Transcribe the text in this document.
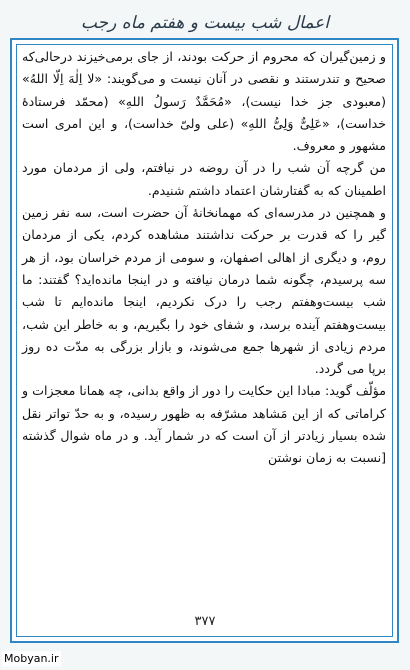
اعمال شب بیست و هفتم ماه رجب

و زمین‌گیران که محروم از حرکت بودند، از جای برمی‌خیزند درحالی‌که صحیح و تندرستند و نقصی در آنان نیست و می‌گویند: «لا اِلٰهَ اِلّا اللهُ» (معبودی جز خدا نیست)، «مُحَمَّدٌ رَسولُ اللهِ» (محمّد فرستادهٔ خداست)، «عَلِیٌّ وَلِیُّ اللهِ» (علی ولیّ خداست)، و این امری است مشهور و معروف.

من گرچه آن شب را در آن روضه در نیافتم، ولی از مردمان مورد اطمینان که به گفتارشان اعتماد داشتم شنیدم.

و همچنین در مدرسه‌ای که مهمانخانهٔ آن حضرت است، سه نفر زمین گیر را که قدرت بر حرکت نداشتند مشاهده کردم، یکی از مردمان روم، و دیگری از اهالی اصفهان، و سومی از مردم خراسان بود، از هر سه پرسیدم، چگونه شما درمان نیافته و در اینجا مانده‌اید؟ گفتند: ما شب بیست‌وهفتم رجب را درک نکردیم، اینجا مانده‌ایم تا شب بیست‌وهفتم آینده برسد، و شفای خود را بگیریم، و به خاطر این شب، مردم زیادی از شهرها جمع می‌شوند، و بازار بزرگی به مدّت ده روز برپا می گردد.

مؤلّف گوید: مبادا این حکایت را دور از واقع بدانی، چه همانا معجزات و کراماتی که از این مَشاهد مشرّفه به ظهور رسیده، و به حدّ تواتر نقل شده بسیار زیادتر از آن است که در شمار آید. و در ماه شوال گذشته [نسبت به زمان نوشتن

۳۷۷
Mobyan.ir
